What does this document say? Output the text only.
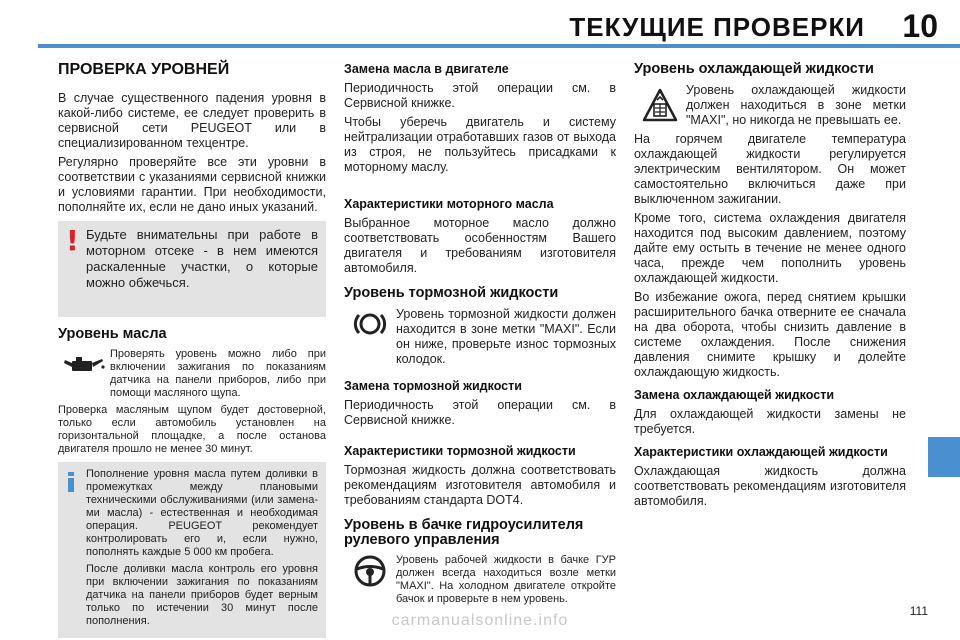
ТЕКУЩИЕ ПРОВЕРКИ 10
ПРОВЕРКА УРОВНЕЙ

В случае существенного падения уровня в какой-либо системе, ее следует проверить в сервисной сети PEUGEOT или в специализированном техцентре.

Регулярно проверяйте все эти уровни в соответствии с указаниями сервисной книжки и условиями гарантии. При необходимости, пополняйте их, если не дано иных указаний.

! Будьте внимательны при работе в моторном отсеке - в нем имеются раскаленные участки, о которые можно обжечься.

Уровень масла

Проверять уровень можно либо при включении зажигания по показаниям датчика на панели приборов, либо при помощи масляного щупа.

Проверка масляным щупом будет достоверной, только если автомобиль установлен на горизонтальной площадке, а после останова двигателя прошло не менее 30 минут.

Пополнение уровня масла путем доливки в промежутках между плановыми техническими обслуживаниями (или замена-ми масла) - естественная и необходимая операция. PEUGEOT рекомендует контролировать его и, если нужно, пополнять каждые 5 000 км пробега.

После доливки масла контроль его уровня при включении зажигания по показаниям датчика на панели приборов будет верным только по истечении 30 минут после пополнения.

Замена масла в двигателе

Периодичность этой операции см. в Сервисной книжке.

Чтобы уберечь двигатель и систему нейтрализации отработавших газов от выхода из строя, не пользуйтесь присадками к моторному маслу.

Характеристики моторного масла

Выбранное моторное масло должно соответствовать особенностям Вашего двигателя и требованиям изготовителя автомобиля.

Уровень тормозной жидкости

Уровень тормозной жидкости должен находится в зоне метки "MAXI". Если он ниже, проверьте износ тормозных колодок.

Замена тормозной жидкости

Периодичность этой операции см. в Сервисной книжке.

Характеристики тормозной жидкости

Тормозная жидкость должна соответствовать рекомендациям изготовителя автомобиля и требованиям стандарта DOT4.

Уровень в бачке гидроусилителя рулевого управления

Уровень рабочей жидкости в бачке ГУР должен всегда находиться возле метки "MAXI". На холодном двигателе откройте бачок и проверьте в нем уровень.

Уровень охлаждающей жидкости

Уровень охлаждающей жидкости должен находиться в зоне метки "MAXI", но никогда не превышать ее.

На горячем двигателе температура охлаждающей жидкости регулируется электрическим вентилятором. Он может самостоятельно включиться даже при выключенном зажигании.

Кроме того, система охлаждения двигателя находится под высоким давлением, поэтому дайте ему остыть в течение не менее одного часа, прежде чем пополнить уровень охлаждающей жидкости.

Во избежание ожога, перед снятием крышки расширительного бачка отверните ее сначала на два оборота, чтобы снизить давление в системе охлаждения. После снижения давления снимите крышку и долейте охлаждающую жидкость.

Замена охлаждающей жидкости

Для охлаждающей жидкости замены не требуется.

Характеристики охлаждающей жидкости

Охлаждающая жидкость должна соответствовать рекомендациям изготовителя автомобиля.

111
carmanualsonline.info
